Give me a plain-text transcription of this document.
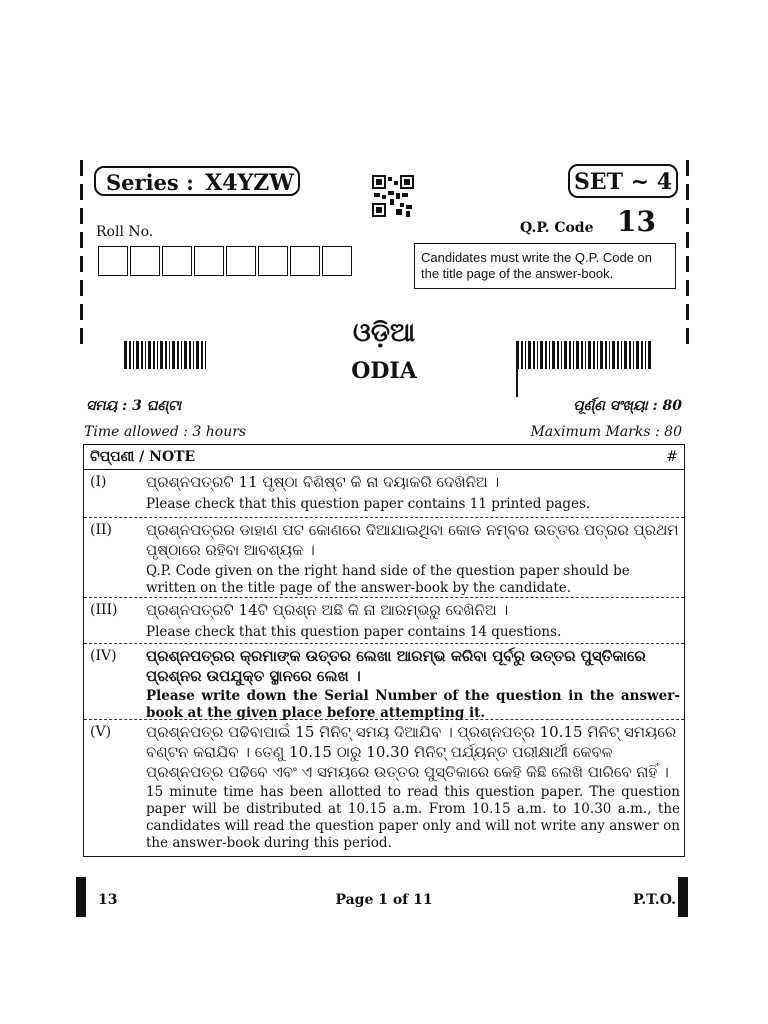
Series : X4YZW	SET ~ 4
Q.P. Code 13
Roll No.
Candidates must write the Q.P. Code on the title page of the answer-book.
ଓଡ଼ିଆ
ODIA
ସମୟ : 3 ଘଣ୍ଟା	ପୂର୍ଣ୍ଣ ସଂଖ୍ୟା : 80
Time allowed : 3 hours	Maximum Marks : 80
ଟିପ୍ପଣୀ / NOTE	#
(I)	ପ୍ରଶ୍ନପତ୍ରଟି 11 ପୃଷ୍ଠା ବିଶିଷ୍ଟ କି ନା ଦୟାକରି ଦେଖିନିଅ ।
Please check that this question paper contains 11 printed pages.
(II) ପ୍ରଶ୍ନପତ୍ରର ଡାହାଣ ପଟ କୋଣରେ ଦିଆଯାଇଥିବା କୋଡ ନମ୍ବର ଉତ୍ତର ପତ୍ରର ପ୍ରଥମ ପୃଷ୍ଠାରେ ରହିବା ଆବଶ୍ୟକ ।
Q.P. Code given on the right hand side of the question paper should be written on the title page of the answer-book by the candidate.
(III) ପ୍ରଶ୍ନପତ୍ରଟି 14ଟି ପ୍ରଶ୍ନ ଅଛି କି ନା ଆରମ୍ଭରୁ ଦେଖିନିଅ ।
Please check that this question paper contains 14 questions.
(IV) ପ୍ରଶ୍ନପତ୍ରର କ୍ରମାଙ୍କ ଉତ୍ତର ଲେଖା ଆରମ୍ଭ କରିବା ପୂର୍ବରୁ ଉତ୍ତର ପୁସ୍ତିକାରେ ପ୍ରଶ୍ନର ଉପଯୁକ୍ତ ସ୍ଥାନରେ ଲେଖ ।
Please write down the Serial Number of the question in the answer-book at the given place before attempting it.
(V) ପ୍ରଶ୍ନପତ୍ର ପଢିବାପାଇଁ 15 ମିନିଟ୍ ସମୟ ଦିଆଯିବ । ପ୍ରଶ୍ନପତ୍ର 10.15 ମିନିଟ୍ ସମୟରେ ବଣ୍ଟନ କରାଯିବ । ତେଣୁ 10.15 ଠାରୁ 10.30 ମିନିଟ୍ ପର୍ଯ୍ୟନ୍ତ ପରୀକ୍ଷାର୍ଥୀ କେବଳ ପ୍ରଶ୍ନପତ୍ର ପଢିବେ ଏବଂ ଏ ସମୟରେ ଉତ୍ତର ପୁସ୍ତିକାରେ କେହି କିଛି ଲେଖି ପାରିବେ ନାହିଁ ।
15 minute time has been allotted to read this question paper. The question paper will be distributed at 10.15 a.m. From 10.15 a.m. to 10.30 a.m., the candidates will read the question paper only and will not write any answer on the answer-book during this period.
13	Page 1 of 11	P.T.O.
